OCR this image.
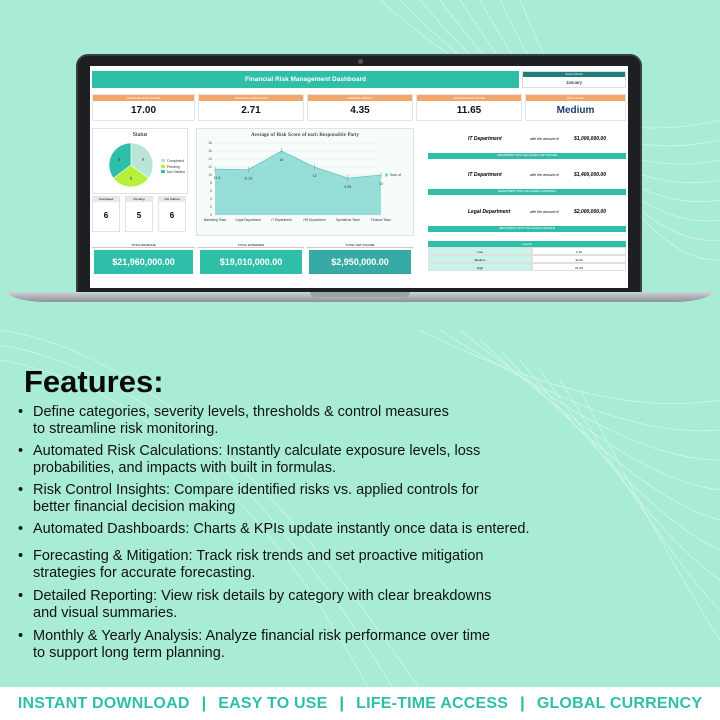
Financial Risk Management Dashboard
Select Month
January
AVERAGE RISK SCORE
17.00
AVERAGE LIKELIHOOD
2.71
AVERAGE IMPACT
4.35
AVERAGE EXPOSURE
11.65
RISK LEVEL
Medium
Status
6
5
6	Completed
Pending
Not Started
Completed
6
Pending
5
Not Started
6
Average of Risk Score of each Responsible Party
0
2
4
6
8
10
12
14
16
18
11.5
Marketing Team
11.33
Legal Department
16
IT Department
12
HR Department
9.25
Operations Team
10
Finance Team
Sum of
IT Department	with the amount of	$1,000,000.00
DEPARTMENT WITH THE HIGHEST NET INCOME
IT Department	with the amount of	$1,400,000.00
DEPARTMENT WITH THE HIGHEST EXPENSES
Legal Department	with the amount of	$2,000,000.00
DEPARTMENT WITH THE HIGHEST REVENUE
TOTAL REVENUE
$21,960,000.00
TOTAL EXPENSES
$19,010,000.00
TOTAL NET INCOME
$2,950,000.00
Legend
Low	1-10
Medium	11-20
High	21-25
Features:
• Define categories, severity levels, thresholds & control measures
to streamline risk monitoring.
• Automated Risk Calculations: Instantly calculate exposure levels, loss
probabilities, and impacts with built in formulas.
• Risk Control Insights: Compare identified risks vs. applied controls for
better financial decision making
• Automated Dashboards: Charts & KPIs update instantly once data is entered.
• Forecasting & Mitigation: Track risk trends and set proactive mitigation
strategies for accurate forecasting.
• Detailed Reporting: View risk details by category with clear breakdowns
and visual summaries.
• Monthly & Yearly Analysis: Analyze financial risk performance over time
to support long term planning.
INSTANT DOWNLOAD | EASY TO USE | LIFE-TIME ACCESS | GLOBAL CURRENCY
